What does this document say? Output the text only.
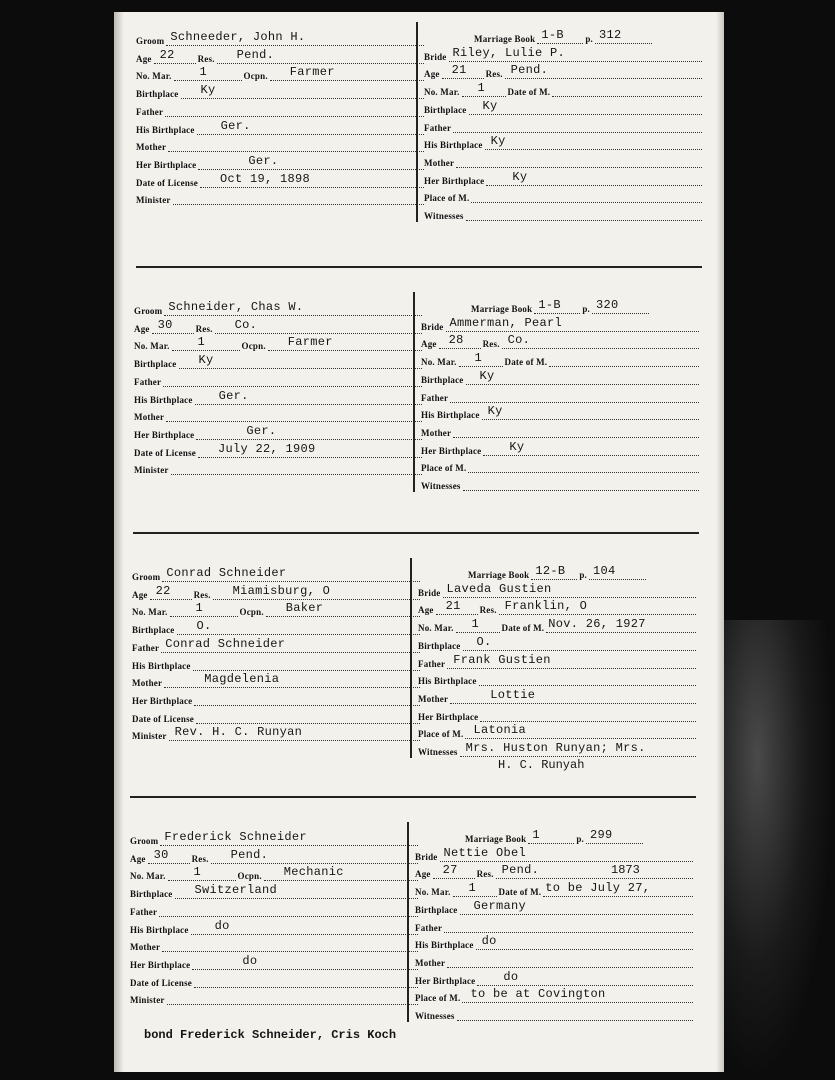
Groom Schneeder, John H.
Age 22	Res. Pend.
No. Mar. 1	Ocpn. Farmer
Birthplace Ky
Father
His Birthplace Ger.
Mother
Her Birthplace	Ger.
Date of License Oct 19, 1898
Minister
Marriage Book 1-B p. 312
Bride Riley, Lulie P.
Age 21 Res. Pend.
No. Mar. 1 Date of M.
Birthplace Ky
Father
His Birthplace Ky
Mother
Her Birthplace Ky
Place of M.
Witnesses
Groom Schneider, Chas W.
Age 30	Res. Co.
No. Mar. 1	Ocpn. Farmer
Birthplace Ky
Father
His Birthplace Ger.
Mother
Her Birthplace	Ger.
Date of License July 22, 1909
Minister
Marriage Book 1-B p. 320
Bride Ammerman, Pearl
Age 28 Res. Co.
No. Mar. 1 Date of M.
Birthplace Ky
Father
His Birthplace Ky
Mother
Her Birthplace Ky
Place of M.
Witnesses
Groom Conrad Schneider
Age 22	Res. Miamisburg, O
No. Mar. 1	Ocpn. Baker
Birthplace O.
Father Conrad Schneider
His Birthplace
Mother	Magdelenia
Her Birthplace
Date of License
Minister Rev. H. C. Runyan
Marriage Book 12-B p. 104
Bride Laveda Gustien
Age 21 Res. Franklin, O
No. Mar. 1 Date of M. Nov. 26, 1927
Birthplace O.
Father Frank Gustien
His Birthplace
Mother	Lottie
Her Birthplace
Place of M. Latonia
Witnesses Mrs. Huston Runyan; Mrs.
H. C. Runyah
Groom Frederick Schneider
Age 30	Res. Pend.
No. Mar. 1	Ocpn. Mechanic
Birthplace Switzerland
Father
His Birthplace do
Mother
Her Birthplace	do
Date of License
Minister
Marriage Book 1	p. 299
Bride Nettie Obel
Age 27 Res. Pend.	1873
No. Mar. 1 Date of M. to be July 27,
Birthplace Germany
Father
His Birthplace do
Mother
Her Birthplace do
Place of M. to be at Covington
Witnesses
bond Frederick Schneider, Cris Koch
